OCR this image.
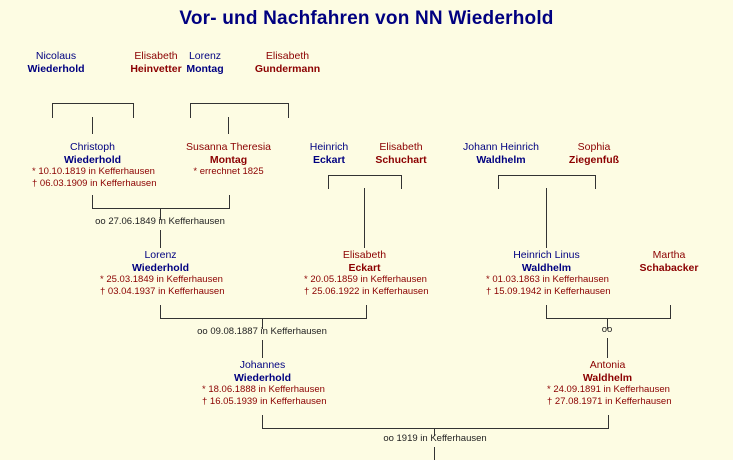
Vor- und Nachfahren von NN Wiederhold
Nicolaus
Wiederhold
Elisabeth
Heinvetter
Lorenz
Montag
Elisabeth
Gundermann
Christoph
Wiederhold
* 10.10.1819 in Kefferhausen
† 06.03.1909 in Kefferhausen
Susanna Theresia
Montag
* errechnet 1825
Heinrich
Eckart
Elisabeth
Schuchart
Johann Heinrich
Waldhelm
Sophia
Ziegenfuß
oo 27.06.1849 in Kefferhausen
Lorenz
Wiederhold
* 25.03.1849 in Kefferhausen
† 03.04.1937 in Kefferhausen
Elisabeth
Eckart
* 20.05.1859 in Kefferhausen
† 25.06.1922 in Kefferhausen
Heinrich Linus
Waldhelm
* 01.03.1863 in Kefferhausen
† 15.09.1942 in Kefferhausen
Martha
Schabacker
oo 09.08.1887 in Kefferhausen	oo
Johannes
Wiederhold
* 18.06.1888 in Kefferhausen
† 16.05.1939 in Kefferhausen
Antonia
Waldhelm
* 24.09.1891 in Kefferhausen
† 27.08.1971 in Kefferhausen
oo 1919 in Kefferhausen
